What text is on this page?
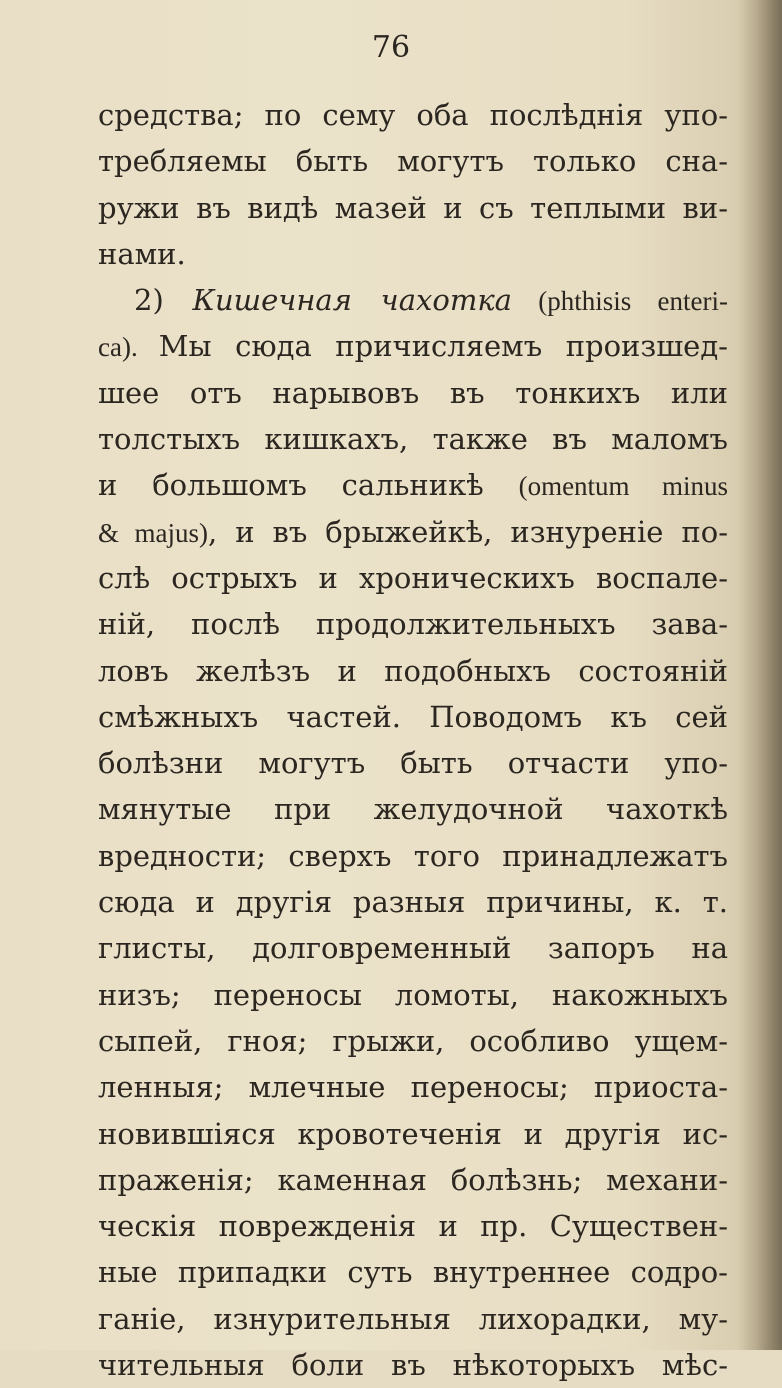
76
средства; по сему оба послѣднія упо-
требляемы быть могутъ только сна-
ружи въ видѣ мазей и съ теплыми ви-
нами.
2) Кишечная чахотка (phthisis enteri-
ca). Мы сюда причисляемъ произшед-
шее отъ нарывовъ въ тонкихъ или
толстыхъ кишкахъ, также въ маломъ
и большомъ сальникѣ (omentum minus
& majus), и въ брыжейкѣ, изнуреніе по-
слѣ острыхъ и хроническихъ воспале-
ній, послѣ продолжительныхъ зава-
ловъ желѣзъ и подобныхъ состояній
смѣжныхъ частей. Поводомъ къ сей
болѣзни могутъ быть отчасти упо-
мянутые при желудочной чахоткѣ
вредности; сверхъ того принадлежатъ
сюда и другія разныя причины, к. т.
глисты, долговременный запоръ на
низъ; переносы ломоты, накожныхъ
сыпей, гноя; грыжи, особливо ущем-
ленныя; млечные переносы; приоста-
новившіяся кровотеченія и другія ис-
праженія; каменная болѣзнь; механи-
ческія поврежденія и пр. Существен-
ные припадки суть внутреннее содро-
ганіе, изнурительныя лихорадки, му-
чительныя боли въ нѣкоторыхъ мѣс-
